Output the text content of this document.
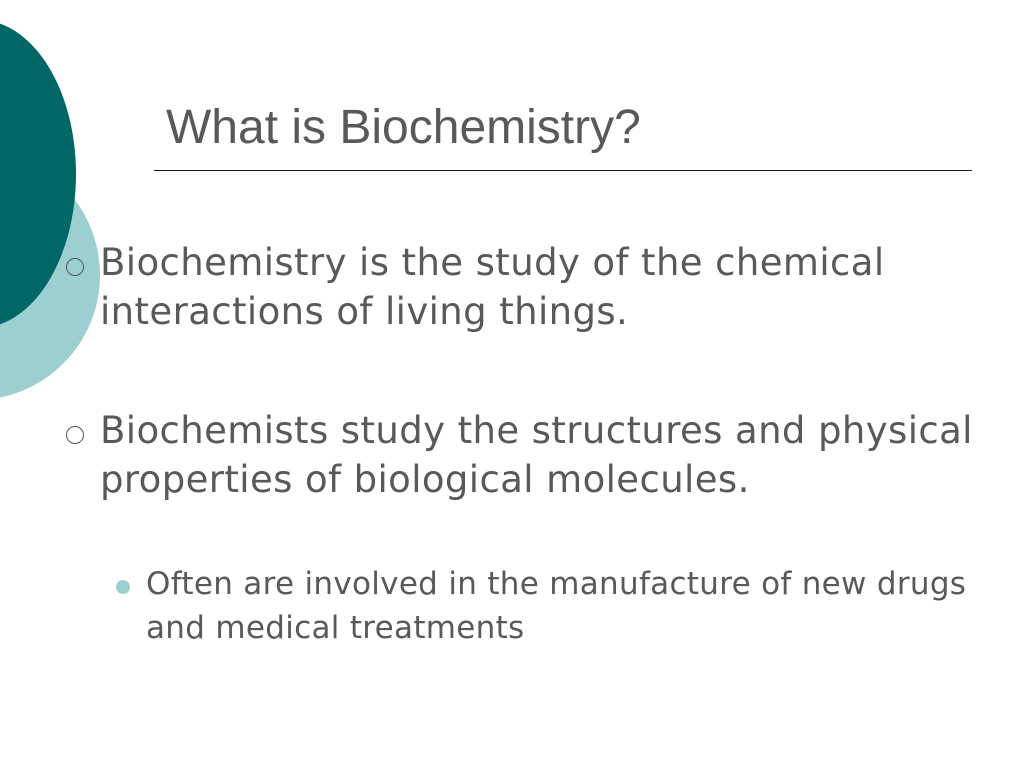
What is Biochemistry?

Biochemistry is the study of the chemical interactions of living things.

Biochemists study the structures and physical properties of biological molecules.

Often are involved in the manufacture of new drugs and medical treatments
